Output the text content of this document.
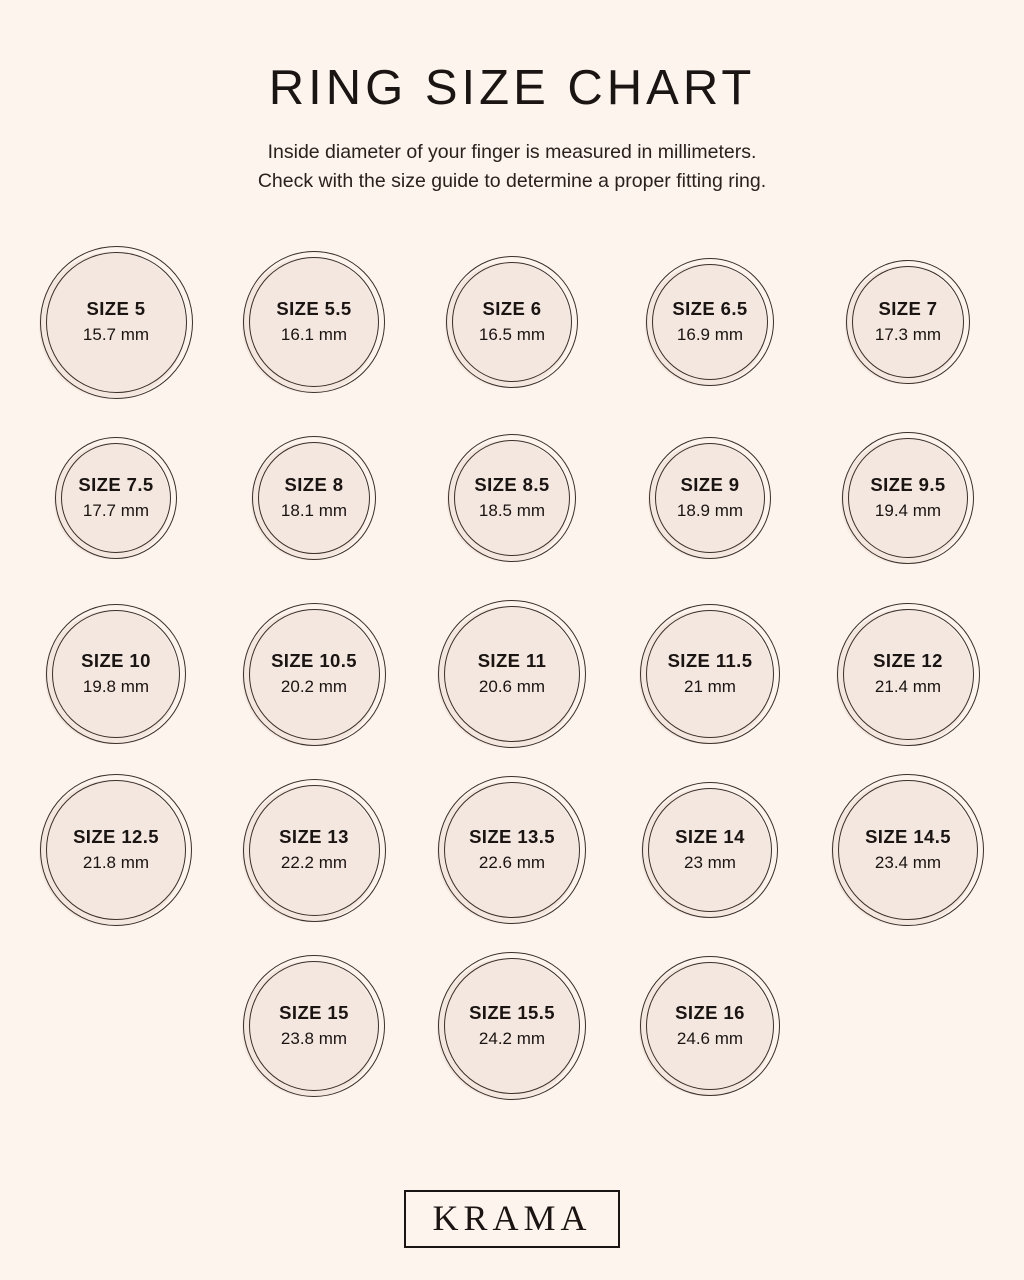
RING SIZE CHART

Inside diameter of your finger is measured in millimeters.
Check with the size guide to determine a proper fitting ring.

SIZE 5
15.7 mm
SIZE 5.5
16.1 mm
SIZE 6
16.5 mm
SIZE 6.5
16.9 mm
SIZE 7
17.3 mm
SIZE 7.5
17.7 mm
SIZE 8
18.1 mm
SIZE 8.5
18.5 mm
SIZE 9
18.9 mm
SIZE 9.5
19.4 mm
SIZE 10
19.8 mm
SIZE 10.5
20.2 mm
SIZE 11
20.6 mm
SIZE 11.5
21 mm
SIZE 12
21.4 mm
SIZE 12.5
21.8 mm
SIZE 13
22.2 mm
SIZE 13.5
22.6 mm
SIZE 14
23 mm
SIZE 14.5
23.4 mm
SIZE 15
23.8 mm
SIZE 15.5
24.2 mm
SIZE 16
24.6 mm
KRAMA
